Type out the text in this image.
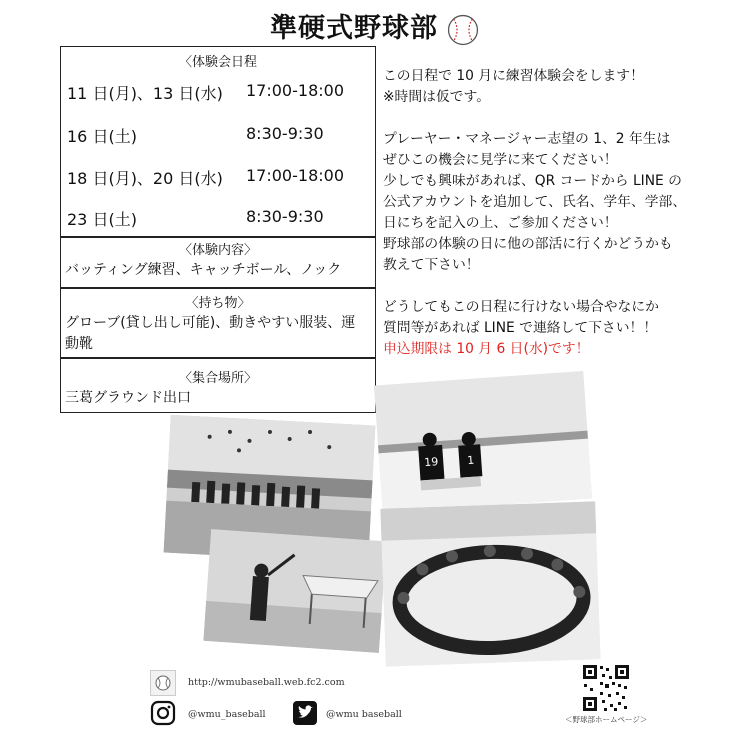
準硬式野球部
〈体験会日程
11 日(月)、13 日(水) 17:00-18:00
16 日(土)	8:30-9:30
18 日(月)、20 日(水) 17:00-18:00
23 日(土)	8:30-9:30
〈体験内容〉
バッティング練習、キャッチボール、ノック
〈持ち物〉
グローブ(貸し出し可能)、動きやすい服装、運
動靴
〈集合場所〉
三葛グラウンド出口

この日程で 10 月に練習体験会をします！

※時間は仮です。

プレーヤー・マネージャー志望の 1、2 年生は

ぜひこの機会に見学に来てください！

少しでも興味があれば、QR コードから LINE の

公式アカウントを追加して、氏名、学年、学部、

日にちを記入の上、ご参加ください！

野球部の体験の日に他の部活に行くかどうかも

教えて下さい！

どうしてもこの日程に行けない場合やなにか

質問等があれば LINE で連絡して下さい！！

申込期限は 10 月 6 日(水)です！

19	1
http://wmubaseball.web.fc2.com
@wmu_baseball	@wmu baseball	＜野球部ホームページ＞
